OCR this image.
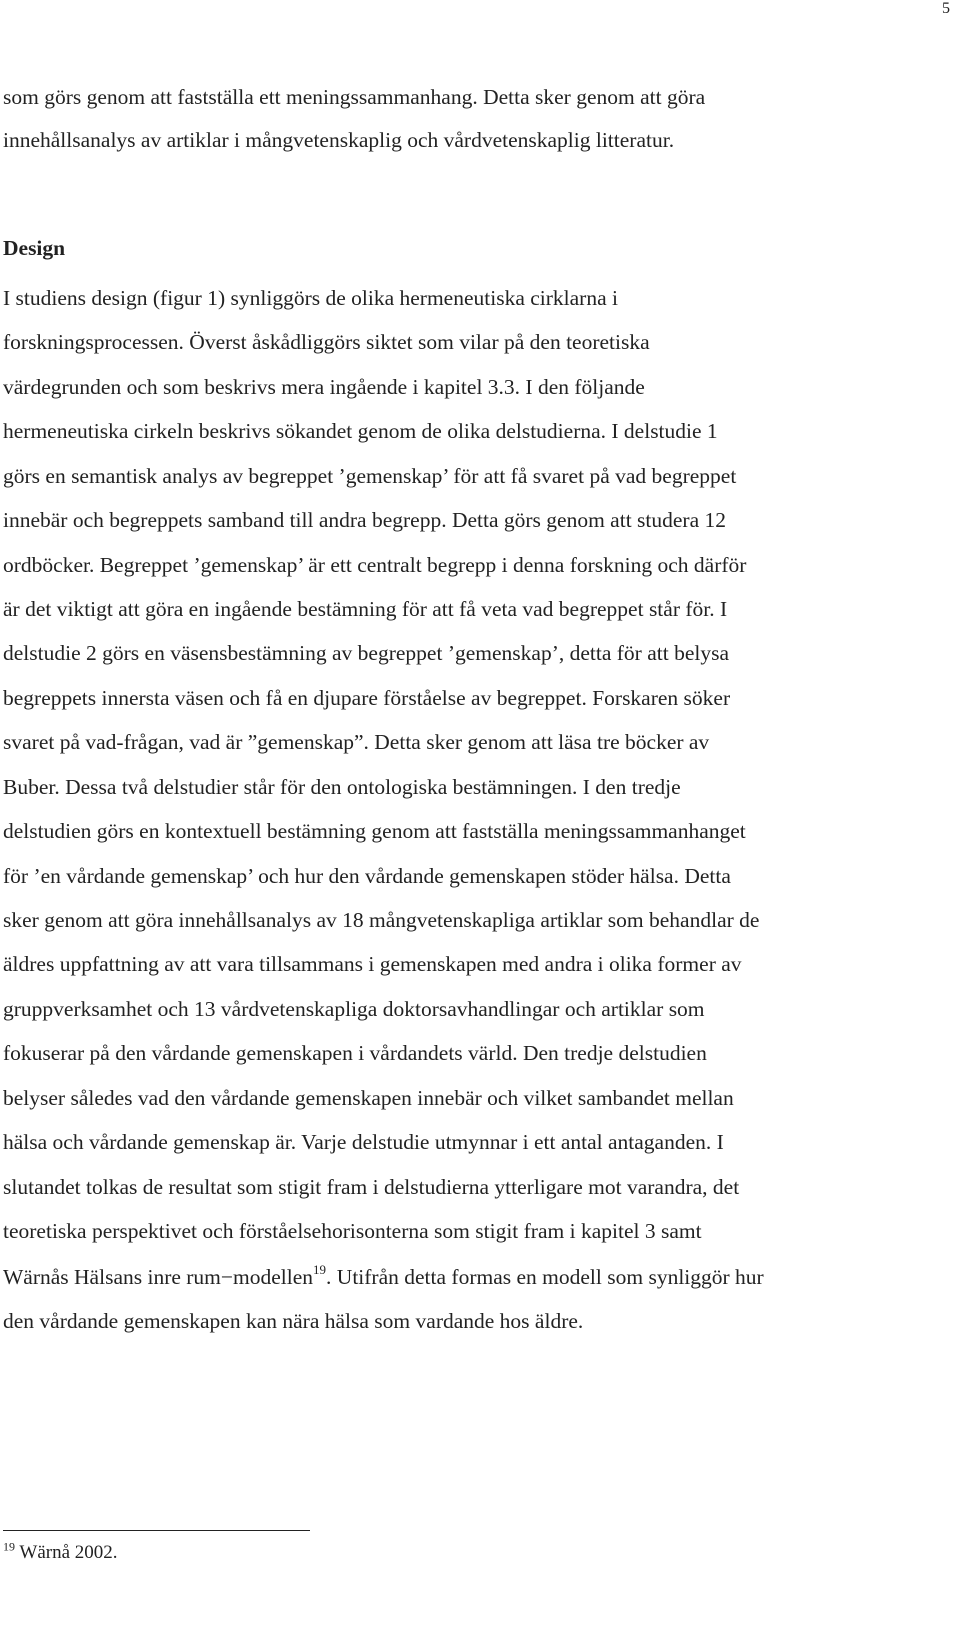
5
som görs genom att fastställa ett meningssammanhang. Detta sker genom att göra
innehållsanalys av artiklar i mångvetenskaplig och vårdvetenskaplig litteratur.
Design
I studiens design (figur 1) synliggörs de olika hermeneutiska cirklarna i
forskningsprocessen. Överst åskådliggörs siktet som vilar på den teoretiska
värdegrunden och som beskrivs mera ingående i kapitel 3.3. I den följande
hermeneutiska cirkeln beskrivs sökandet genom de olika delstudierna. I delstudie 1
görs en semantisk analys av begreppet ’gemenskap’ för att få svaret på vad begreppet
innebär och begreppets samband till andra begrepp. Detta görs genom att studera 12
ordböcker. Begreppet ’gemenskap’ är ett centralt begrepp i denna forskning och därför
är det viktigt att göra en ingående bestämning för att få veta vad begreppet står för. I
delstudie 2 görs en väsensbestämning av begreppet ’gemenskap’, detta för att belysa
begreppets innersta väsen och få en djupare förståelse av begreppet. Forskaren söker
svaret på vad-frågan, vad är ”gemenskap”. Detta sker genom att läsa tre böcker av
Buber. Dessa två delstudier står för den ontologiska bestämningen. I den tredje
delstudien görs en kontextuell bestämning genom att fastställa meningssammanhanget
för ’en vårdande gemenskap’ och hur den vårdande gemenskapen stöder hälsa. Detta
sker genom att göra innehållsanalys av 18 mångvetenskapliga artiklar som behandlar de
äldres uppfattning av att vara tillsammans i gemenskapen med andra i olika former av
gruppverksamhet och 13 vårdvetenskapliga doktorsavhandlingar och artiklar som
fokuserar på den vårdande gemenskapen i vårdandets värld. Den tredje delstudien
belyser således vad den vårdande gemenskapen innebär och vilket sambandet mellan
hälsa och vårdande gemenskap är. Varje delstudie utmynnar i ett antal antaganden. I
slutandet tolkas de resultat som stigit fram i delstudierna ytterligare mot varandra, det
teoretiska perspektivet och förståelsehorisonterna som stigit fram i kapitel 3 samt
Wärnås Hälsans inre rum−modellen$^{19}$. Utifrån detta formas en modell som synliggör hur
den vårdande gemenskapen kan nära hälsa som vardande hos äldre.
$^{19}$ Wärnå 2002.
